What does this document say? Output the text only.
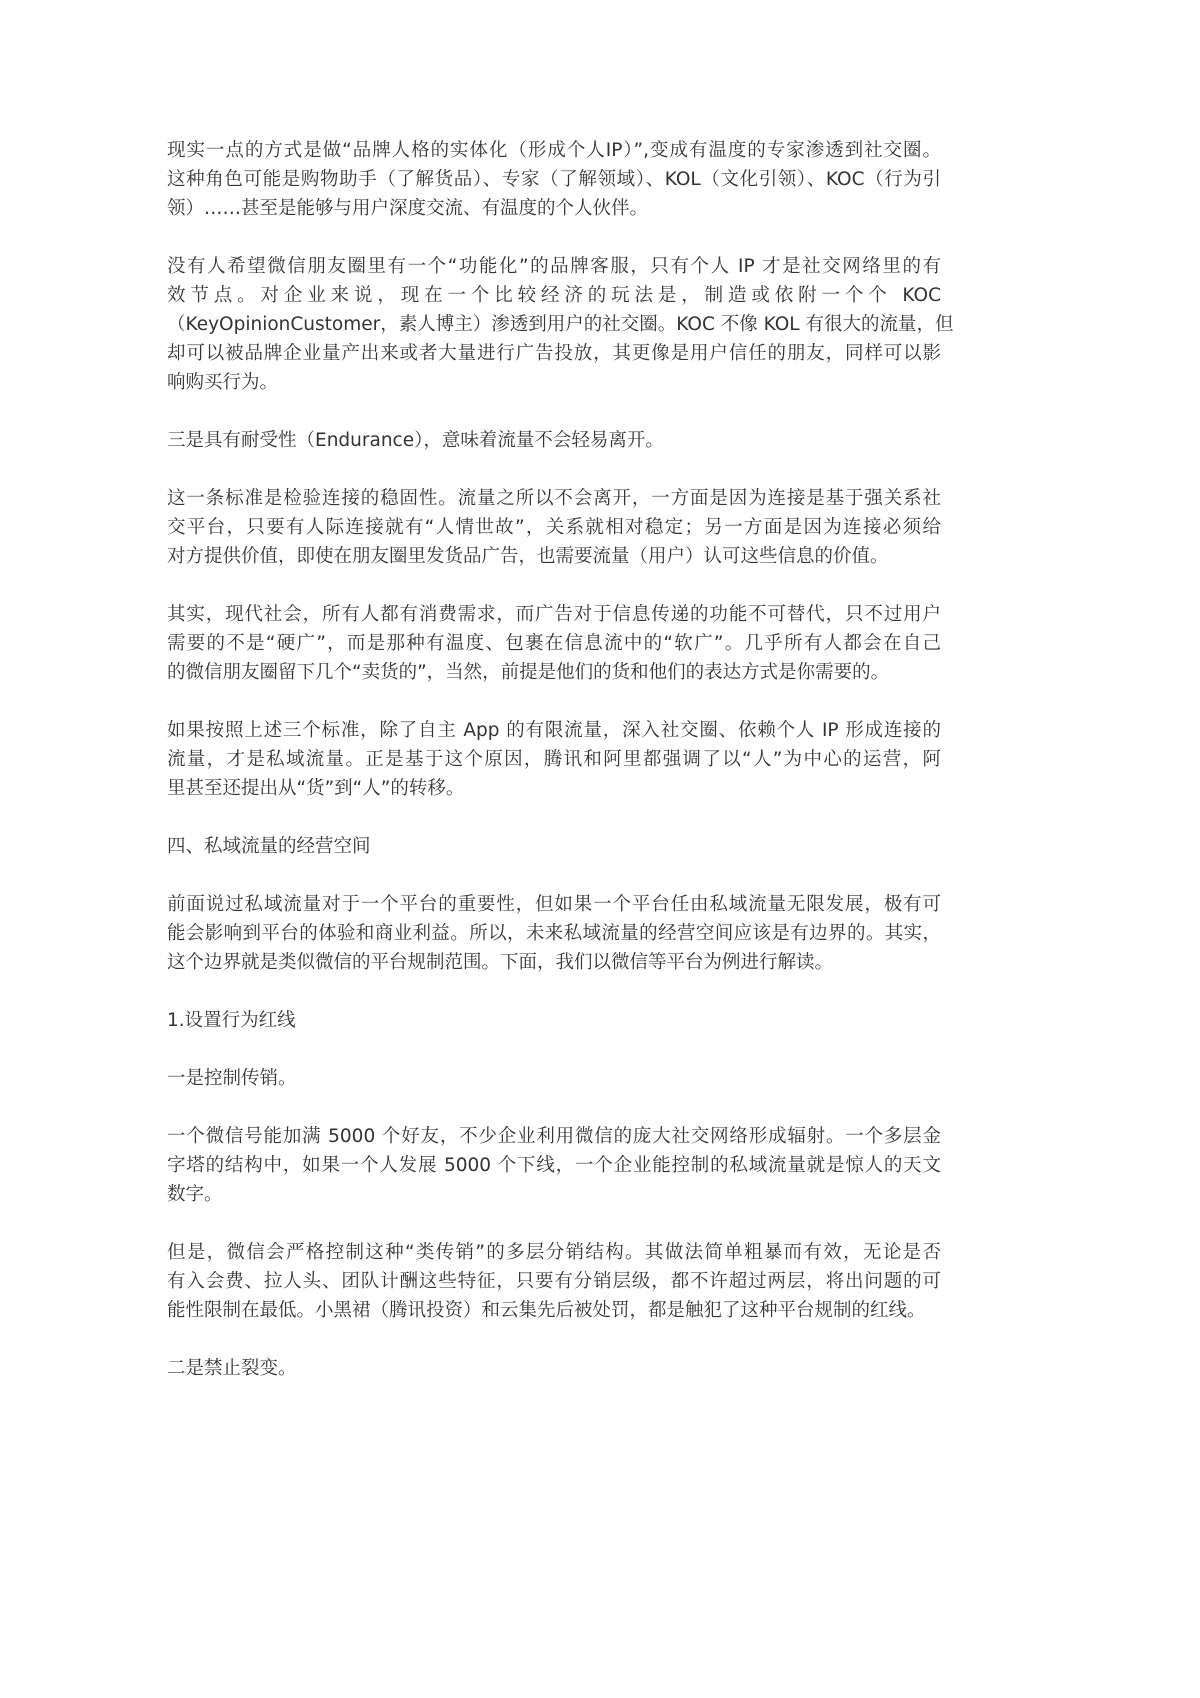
现实一点的方式是做“品牌人格的实体化（形成个人IP）”,变成有温度的专家渗透到社交圈。
这种角色可能是购物助手（了解货品）、专家（了解领域）、KOL（文化引领）、KOC（行为引
领）……甚至是能够与用户深度交流、有温度的个人伙伴。
没有人希望微信朋友圈里有一个“功能化”的品牌客服，只有个人 IP 才是社交网络里的有
效节点。对企业来说，现在一个比较经济的玩法是，制造或依附一个个 KOC
（KeyOpinionCustomer，素人博主）渗透到用户的社交圈。KOC 不像 KOL 有很大的流量，但
却可以被品牌企业量产出来或者大量进行广告投放，其更像是用户信任的朋友，同样可以影
响购买行为。
三是具有耐受性（Endurance），意味着流量不会轻易离开。
这一条标准是检验连接的稳固性。流量之所以不会离开，一方面是因为连接是基于强关系社
交平台，只要有人际连接就有“人情世故”，关系就相对稳定；另一方面是因为连接必须给
对方提供价值，即使在朋友圈里发货品广告，也需要流量（用户）认可这些信息的价值。
其实，现代社会，所有人都有消费需求，而广告对于信息传递的功能不可替代，只不过用户
需要的不是“硬广”，而是那种有温度、包裹在信息流中的“软广”。几乎所有人都会在自己
的微信朋友圈留下几个“卖货的”，当然，前提是他们的货和他们的表达方式是你需要的。
如果按照上述三个标准，除了自主 App 的有限流量，深入社交圈、依赖个人 IP 形成连接的
流量，才是私域流量。正是基于这个原因，腾讯和阿里都强调了以“人”为中心的运营，阿
里甚至还提出从“货”到“人”的转移。
四、私域流量的经营空间
前面说过私域流量对于一个平台的重要性，但如果一个平台任由私域流量无限发展，极有可
能会影响到平台的体验和商业利益。所以，未来私域流量的经营空间应该是有边界的。其实，
这个边界就是类似微信的平台规制范围。下面，我们以微信等平台为例进行解读。
1.设置行为红线
一是控制传销。
一个微信号能加满 5000 个好友，不少企业利用微信的庞大社交网络形成辐射。一个多层金
字塔的结构中，如果一个人发展 5000 个下线，一个企业能控制的私域流量就是惊人的天文
数字。
但是，微信会严格控制这种“类传销”的多层分销结构。其做法简单粗暴而有效，无论是否
有入会费、拉人头、团队计酬这些特征，只要有分销层级，都不许超过两层，将出问题的可
能性限制在最低。小黑裙（腾讯投资）和云集先后被处罚，都是触犯了这种平台规制的红线。
二是禁止裂变。
